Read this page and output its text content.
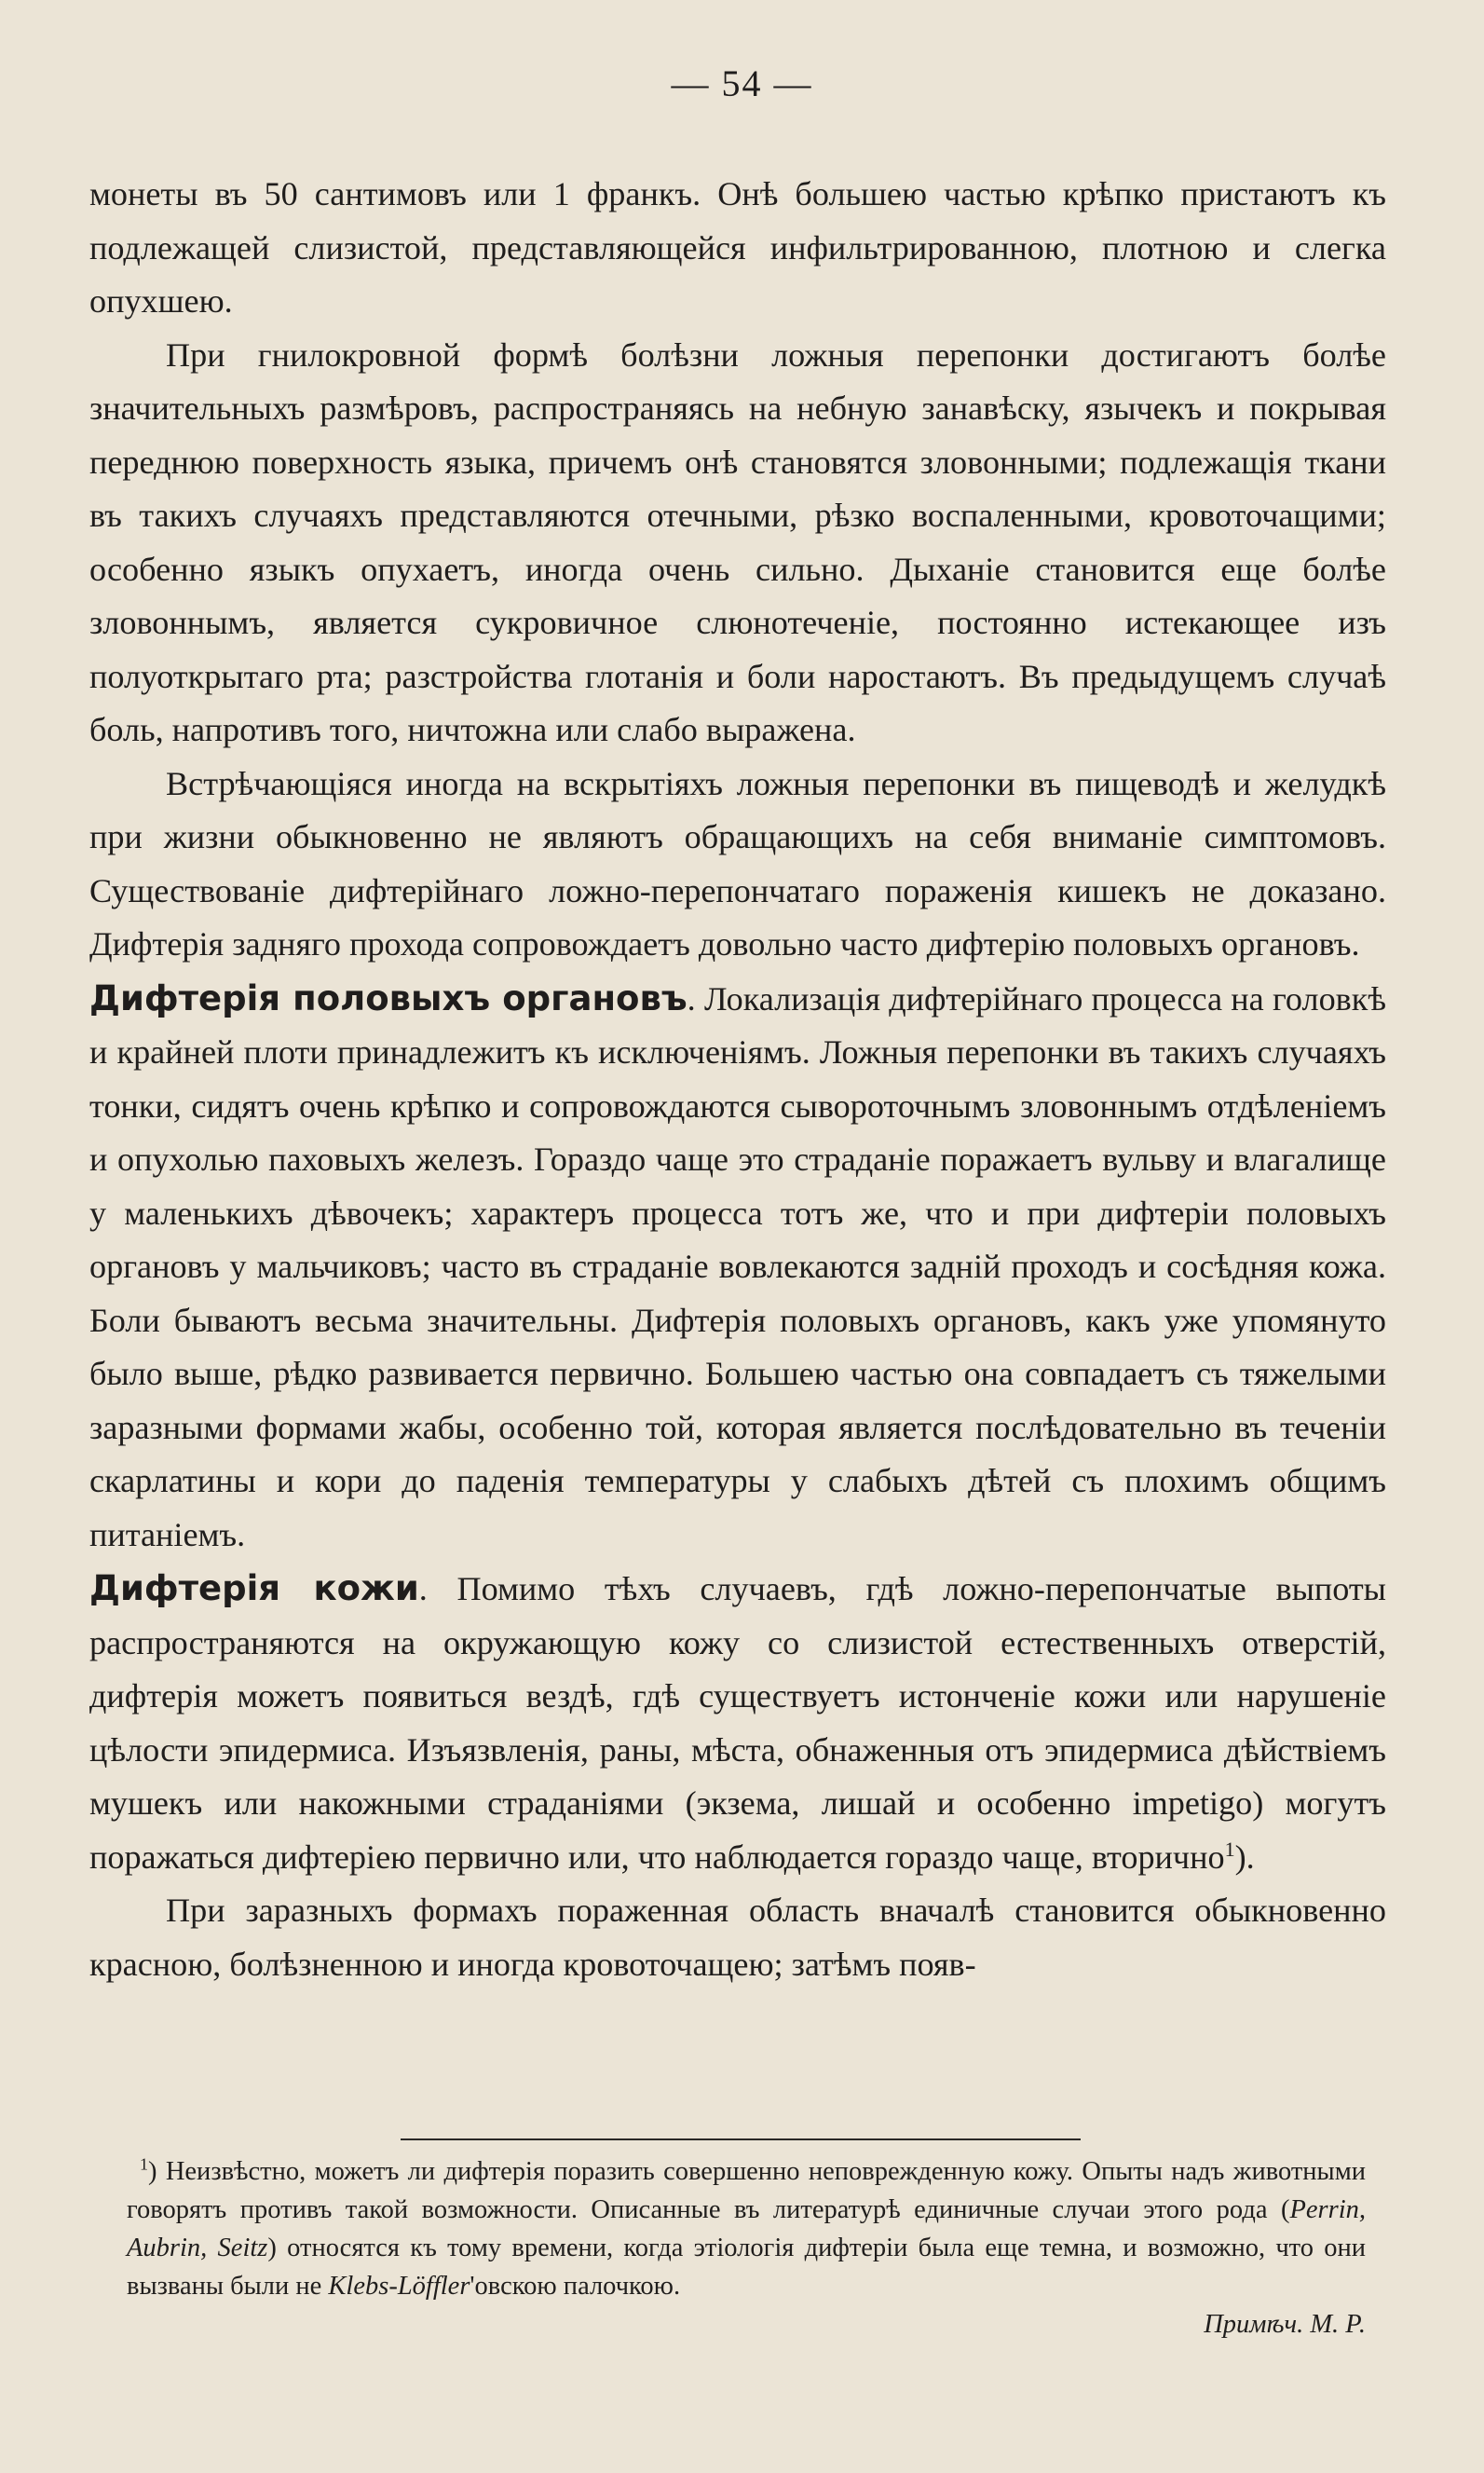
— 54 —

монеты въ 50 сантимовъ или 1 франкъ. Онѣ большею частью крѣпко пристаютъ къ подлежащей слизистой, представляющейся инфильтрированною, плотною и слегка опухшею.

При гнилокровной формѣ болѣзни ложныя перепонки достигаютъ болѣе значительныхъ размѣровъ, распространяясь на небную занавѣску, язычекъ и покрывая переднюю поверхность языка, причемъ онѣ становятся зловонными; подлежащія ткани въ такихъ случаяхъ представляются отечными, рѣзко воспаленными, кровоточащими; особенно языкъ опухаетъ, иногда очень сильно. Дыханіе становится еще болѣе зловоннымъ, является сукровичное слюнотеченіе, постоянно истекающее изъ полуоткрытаго рта; разстройства глотанія и боли наростаютъ. Въ предыдущемъ случаѣ боль, напротивъ того, ничтожна или слабо выражена.

Встрѣчающіяся иногда на вскрытіяхъ ложныя перепонки въ пищеводѣ и желудкѣ при жизни обыкновенно не являютъ обращающихъ на себя вниманіе симптомовъ. Существованіе дифтерійнаго ложно-перепончатаго пораженія кишекъ не доказано. Дифтерія задняго прохода сопровождаетъ довольно часто дифтерію половыхъ органовъ.

Дифтерія половыхъ органовъ. Локализація дифтерійнаго процесса на головкѣ и крайней плоти принадлежитъ къ исключеніямъ. Ложныя перепонки въ такихъ случаяхъ тонки, сидятъ очень крѣпко и сопровождаются сывороточнымъ зловоннымъ отдѣленіемъ и опухолью паховыхъ железъ. Гораздо чаще это страданіе поражаетъ вульву и влагалище у маленькихъ дѣвочекъ; характеръ процесса тотъ же, что и при дифтеріи половыхъ органовъ у мальчиковъ; часто въ страданіе вовлекаются задній проходъ и сосѣдняя кожа. Боли бываютъ весьма значительны. Дифтерія половыхъ органовъ, какъ уже упомянуто было выше, рѣдко развивается первично. Большею частью она совпадаетъ съ тяжелыми заразными формами жабы, особенно той, которая является послѣдовательно въ теченіи скарлатины и кори до паденія температуры у слабыхъ дѣтей съ плохимъ общимъ питаніемъ.

Дифтерія кожи. Помимо тѣхъ случаевъ, гдѣ ложно-перепончатые выпоты распространяются на окружающую кожу со слизистой естественныхъ отверстій, дифтерія можетъ появиться вездѣ, гдѣ существуетъ истонченіе кожи или нарушеніе цѣлости эпидермиса. Изъязвленія, раны, мѣста, обнаженныя отъ эпидермиса дѣйствіемъ мушекъ или накожными страданіями (экзема, лишай и особенно impetigo) могутъ поражаться дифтеріею первично или, что наблюдается гораздо чаще, вторично$^1$).

При заразныхъ формахъ пораженная область вначалѣ становится обыкновенно красною, болѣзненною и иногда кровоточащею; затѣмъ появ-

$^1$) Неизвѣстно, можетъ ли дифтерія поразить совершенно неповрежденную кожу. Опыты надъ животными говорятъ противъ такой возможности. Описанные въ литературѣ единичные случаи этого рода (Perrin, Aubrin, Seitz) относятся къ тому времени, когда этіологія дифтеріи была еще темна, и возможно, что они вызваны были не Klebs-Löffler'овскою палочкою.

Примѣч. М. Р.
